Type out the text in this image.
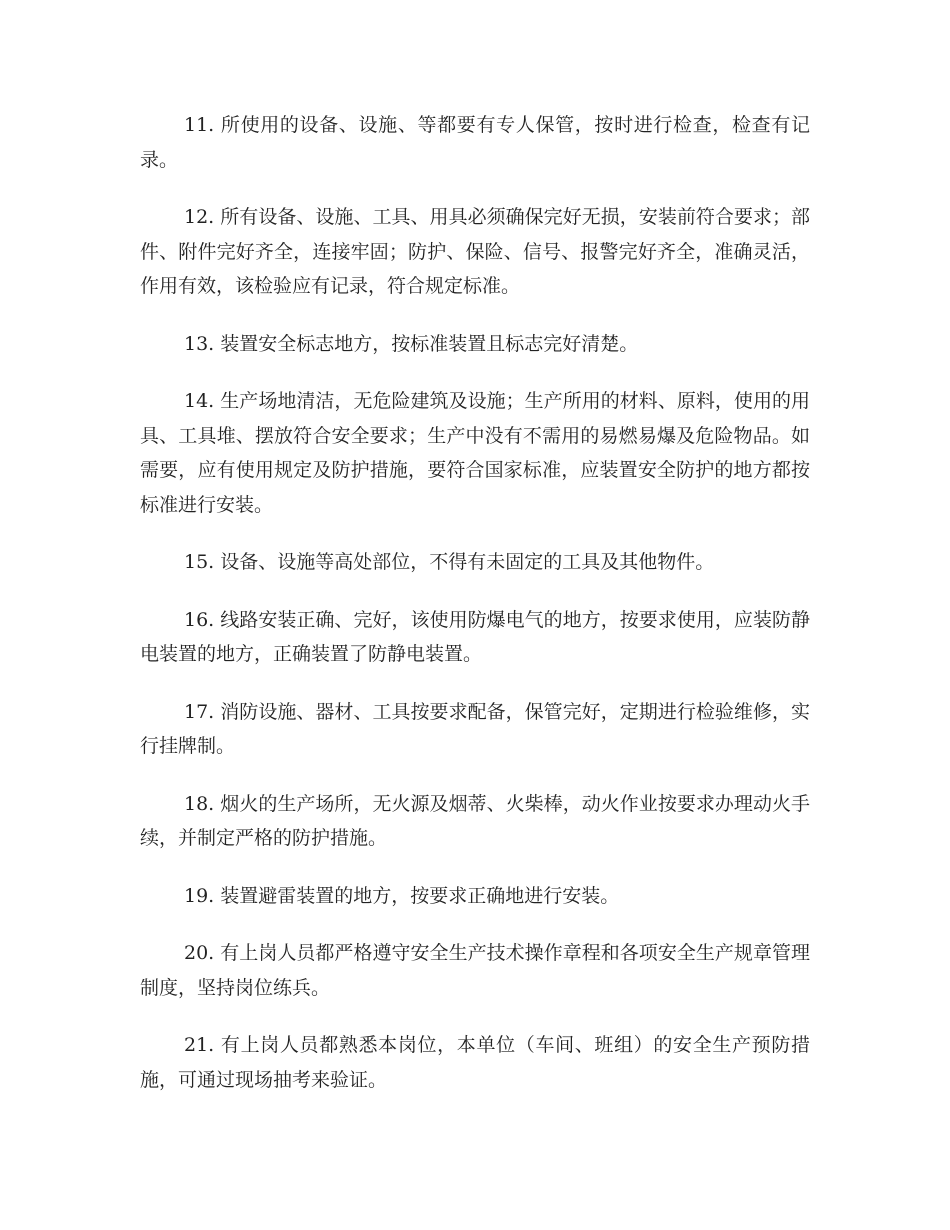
11. 所使用的设备、设施、等都要有专人保管，按时进行检查，检查有记录。

12. 所有设备、设施、工具、用具必须确保完好无损，安装前符合要求；部件、附件完好齐全，连接牢固；防护、保险、信号、报警完好齐全，准确灵活，作用有效，该检验应有记录，符合规定标准。

13. 装置安全标志地方，按标准装置且标志完好清楚。

14. 生产场地清洁，无危险建筑及设施；生产所用的材料、原料，使用的用具、工具堆、摆放符合安全要求；生产中没有不需用的易燃易爆及危险物品。如需要，应有使用规定及防护措施，要符合国家标准，应装置安全防护的地方都按标准进行安装。

15. 设备、设施等高处部位，不得有未固定的工具及其他物件。

16. 线路安装正确、完好，该使用防爆电气的地方，按要求使用，应装防静电装置的地方，正确装置了防静电装置。

17. 消防设施、器材、工具按要求配备，保管完好，定期进行检验维修，实行挂牌制。

18. 烟火的生产场所，无火源及烟蒂、火柴棒，动火作业按要求办理动火手续，并制定严格的防护措施。

19. 装置避雷装置的地方，按要求正确地进行安装。

20. 有上岗人员都严格遵守安全生产技术操作章程和各项安全生产规章管理制度，坚持岗位练兵。

21. 有上岗人员都熟悉本岗位，本单位（车间、班组）的安全生产预防措施，可通过现场抽考来验证。
